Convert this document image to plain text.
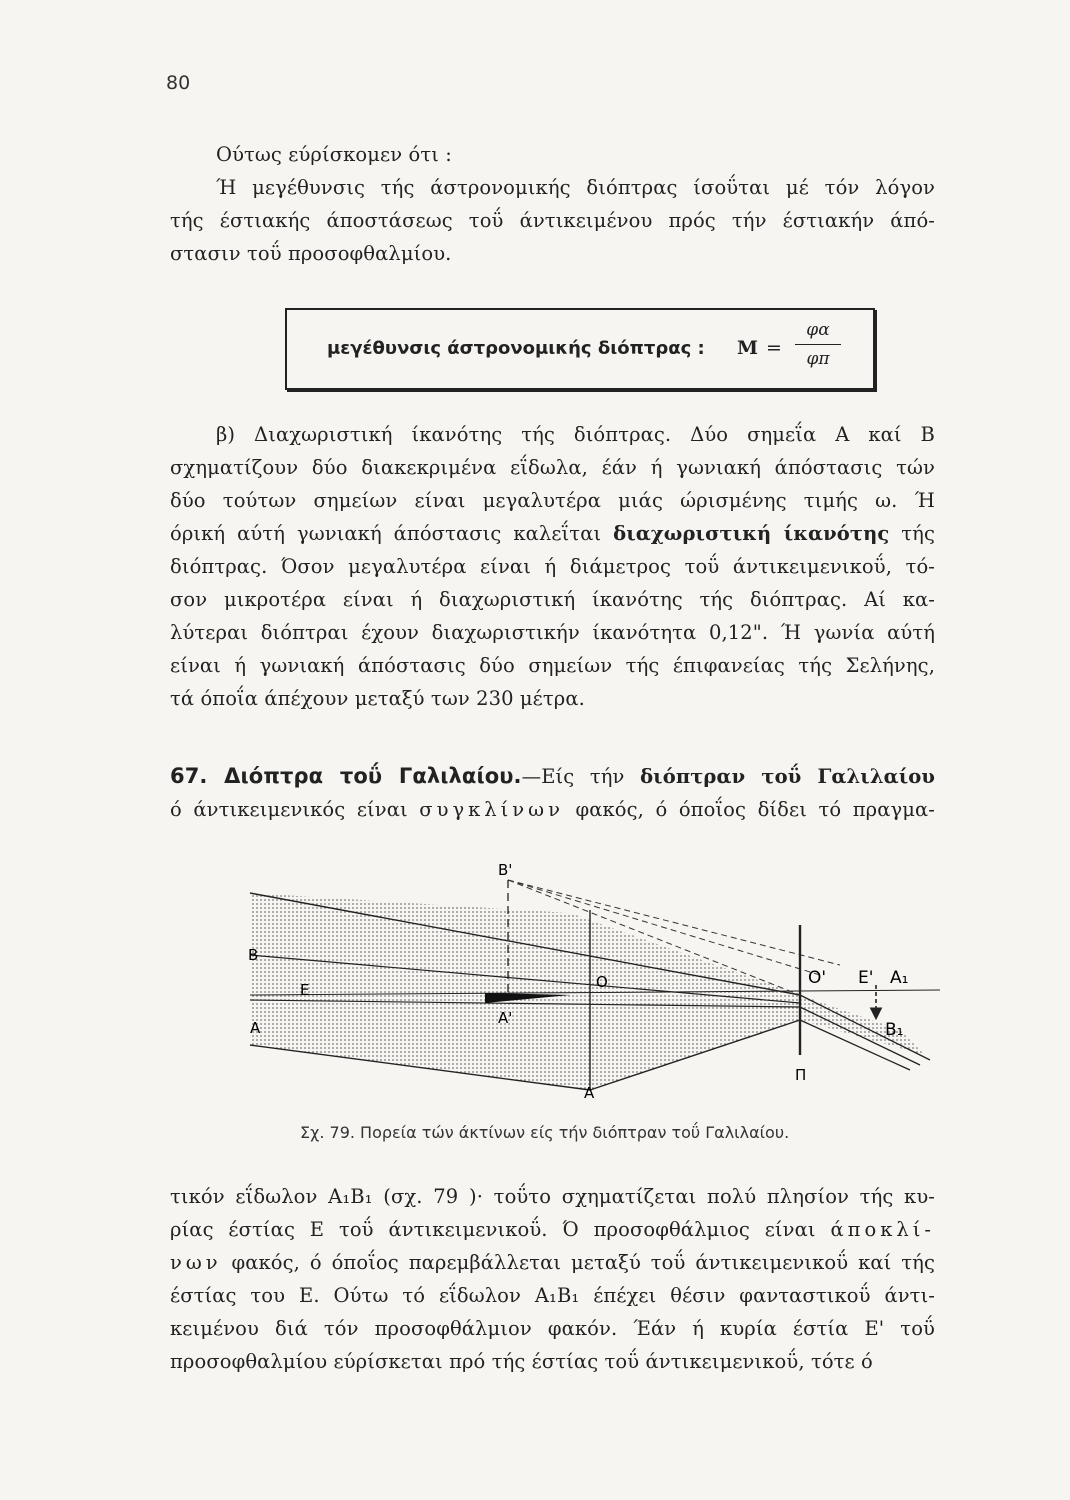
80
Ούτως εύρίσκομεν ότι :
Ή μεγέθυνσις τής άστρονομικής διόπτρας ίσοΰται μέ τόν λόγον
τής έστιακής άποστάσεως τοΰ άντικειμένου πρός τήν έστιακήν άπό-
στασιν τοΰ προσοφθαλμίου.
μεγέθυνσις άστρονομικής διόπτρας : $M = \frac{\varphi\alpha}{\varphi\pi}$
β) Διαχωριστική ίκανότης τής διόπτρας. Δύο σημεΐα Α καί Β
σχηματίζουν δύο διακεκριμένα εΐδωλα, έάν ή γωνιακή άπόστασις τών
δύο τούτων σημείων είναι μεγαλυτέρα μιάς ώρισμένης τιμής ω. Ή
όρική αύτή γωνιακή άπόστασις καλεΐται διαχωριστική ίκανότης τής
διόπτρας. Όσον μεγαλυτέρα είναι ή διάμετρος τοΰ άντικειμενικοΰ, τό-
σον μικροτέρα είναι ή διαχωριστική ίκανότης τής διόπτρας. Αί κα-
λύτεραι διόπτραι έχουν διαχωριστικήν ίκανότητα 0,12". Ή γωνία αύτή
είναι ή γωνιακή άπόστασις δύο σημείων τής έπιφανείας τής Σελήνης,
τά όποΐα άπέχουν μεταξύ των 230 μέτρα.
67. Διόπτρα τοΰ Γαλιλαίου.—Είς τήν διόπτραν τοΰ Γαλιλαίου
ό άντικειμενικός είναι συγκλίνων φακός, ό όποΐος δίδει τό πραγμα-
B'
B
E
A
A'
O
A
O' E' A₁
B₁
Π
Σχ. 79. Πορεία τών άκτίνων είς τήν διόπτραν τοΰ Γαλιλαίου.
τικόν εΐδωλον A₁B₁ (σχ. 79 )· τοΰτο σχηματίζεται πολύ πλησίον τής κυ-
ρίας έστίας Ε τοΰ άντικειμενικοΰ. Ό προσοφθάλμιος είναι άποκλί-
νων φακός, ό όποΐος παρεμβάλλεται μεταξύ τοΰ άντικειμενικοΰ καί τής
έστίας του Ε. Ούτω τό εΐδωλον A₁B₁ έπέχει θέσιν φανταστικοΰ άντι-
κειμένου διά τόν προσοφθάλμιον φακόν. Έάν ή κυρία έστία Ε' τοΰ
προσοφθαλμίου εύρίσκεται πρό τής έστίας τοΰ άντικειμενικοΰ, τότε ό
